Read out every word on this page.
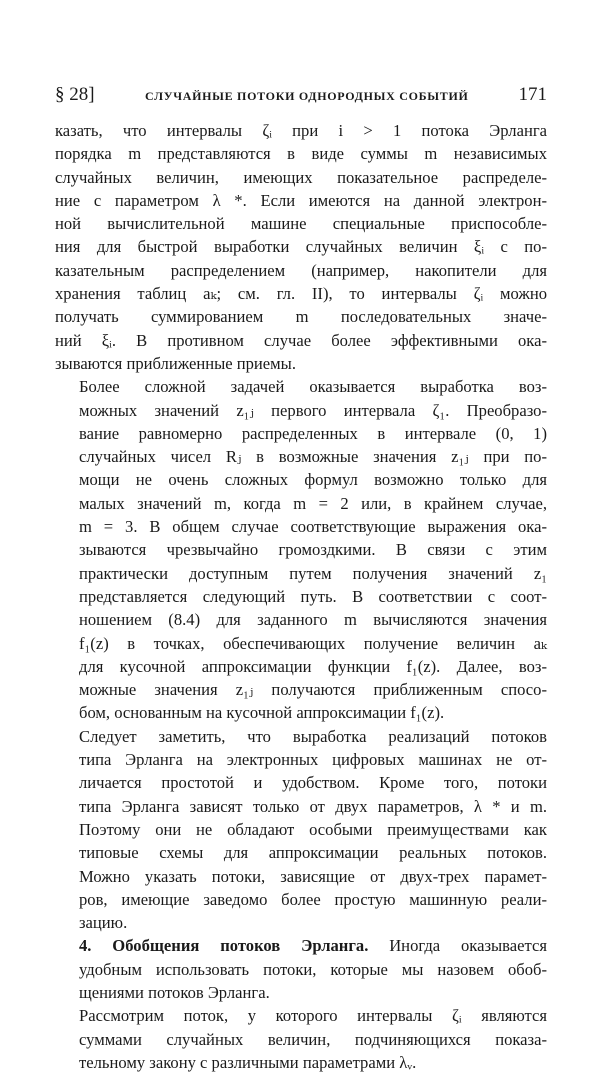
§ 28]	СЛУЧАЙНЫЕ ПОТОКИ ОДНОРОДНЫХ СОБЫТИЙ	171

казать, что интервалы ζᵢ при i > 1 потока Эрланга
порядка m представляются в виде суммы m независимых
случайных величин, имеющих показательное распределе-
ние с параметром λ *. Если имеются на данной электрон-
ной вычислительной машине специальные приспособле-
ния для быстрой выработки случайных величин ξᵢ с по-
казательным распределением (например, накопители для
хранения таблиц aₖ; см. гл. II), то интервалы ζᵢ можно
получать суммированием m последовательных значе-
ний ξᵢ. В противном случае более эффективными ока-
зываются приближенные приемы.

Более сложной задачей оказывается выработка воз-
можных значений z₁ⱼ первого интервала ζ₁. Преобразо-
вание равномерно распределенных в интервале (0, 1)
случайных чисел Rⱼ в возможные значения z₁ⱼ при по-
мощи не очень сложных формул возможно только для
малых значений m, когда m = 2 или, в крайнем случае,
m = 3. В общем случае соответствующие выражения ока-
зываются чрезвычайно громоздкими. В связи с этим
практически доступным путем получения значений z₁
представляется следующий путь. В соответствии с соот-
ношением (8.4) для заданного m вычисляются значения
f₁(z) в точках, обеспечивающих получение величин aₖ
для кусочной аппроксимации функции f₁(z). Далее, воз-
можные значения z₁ⱼ получаются приближенным спосо-
бом, основанным на кусочной аппроксимации f₁(z).

Следует заметить, что выработка реализаций потоков
типа Эрланга на электронных цифровых машинах не от-
личается простотой и удобством. Кроме того, потоки
типа Эрланга зависят только от двух параметров, λ * и m.
Поэтому они не обладают особыми преимуществами как
типовые схемы для аппроксимации реальных потоков.
Можно указать потоки, зависящие от двух-трех парамет-
ров, имеющие заведомо более простую машинную реали-
зацию.

4. Обобщения потоков Эрланга. Иногда оказывается
удобным использовать потоки, которые мы назовем обоб-
щениями потоков Эрланга.

Рассмотрим поток, у которого интервалы ζᵢ являются
суммами случайных величин, подчиняющихся показа-
тельному закону с различными параметрами λᵥ.
